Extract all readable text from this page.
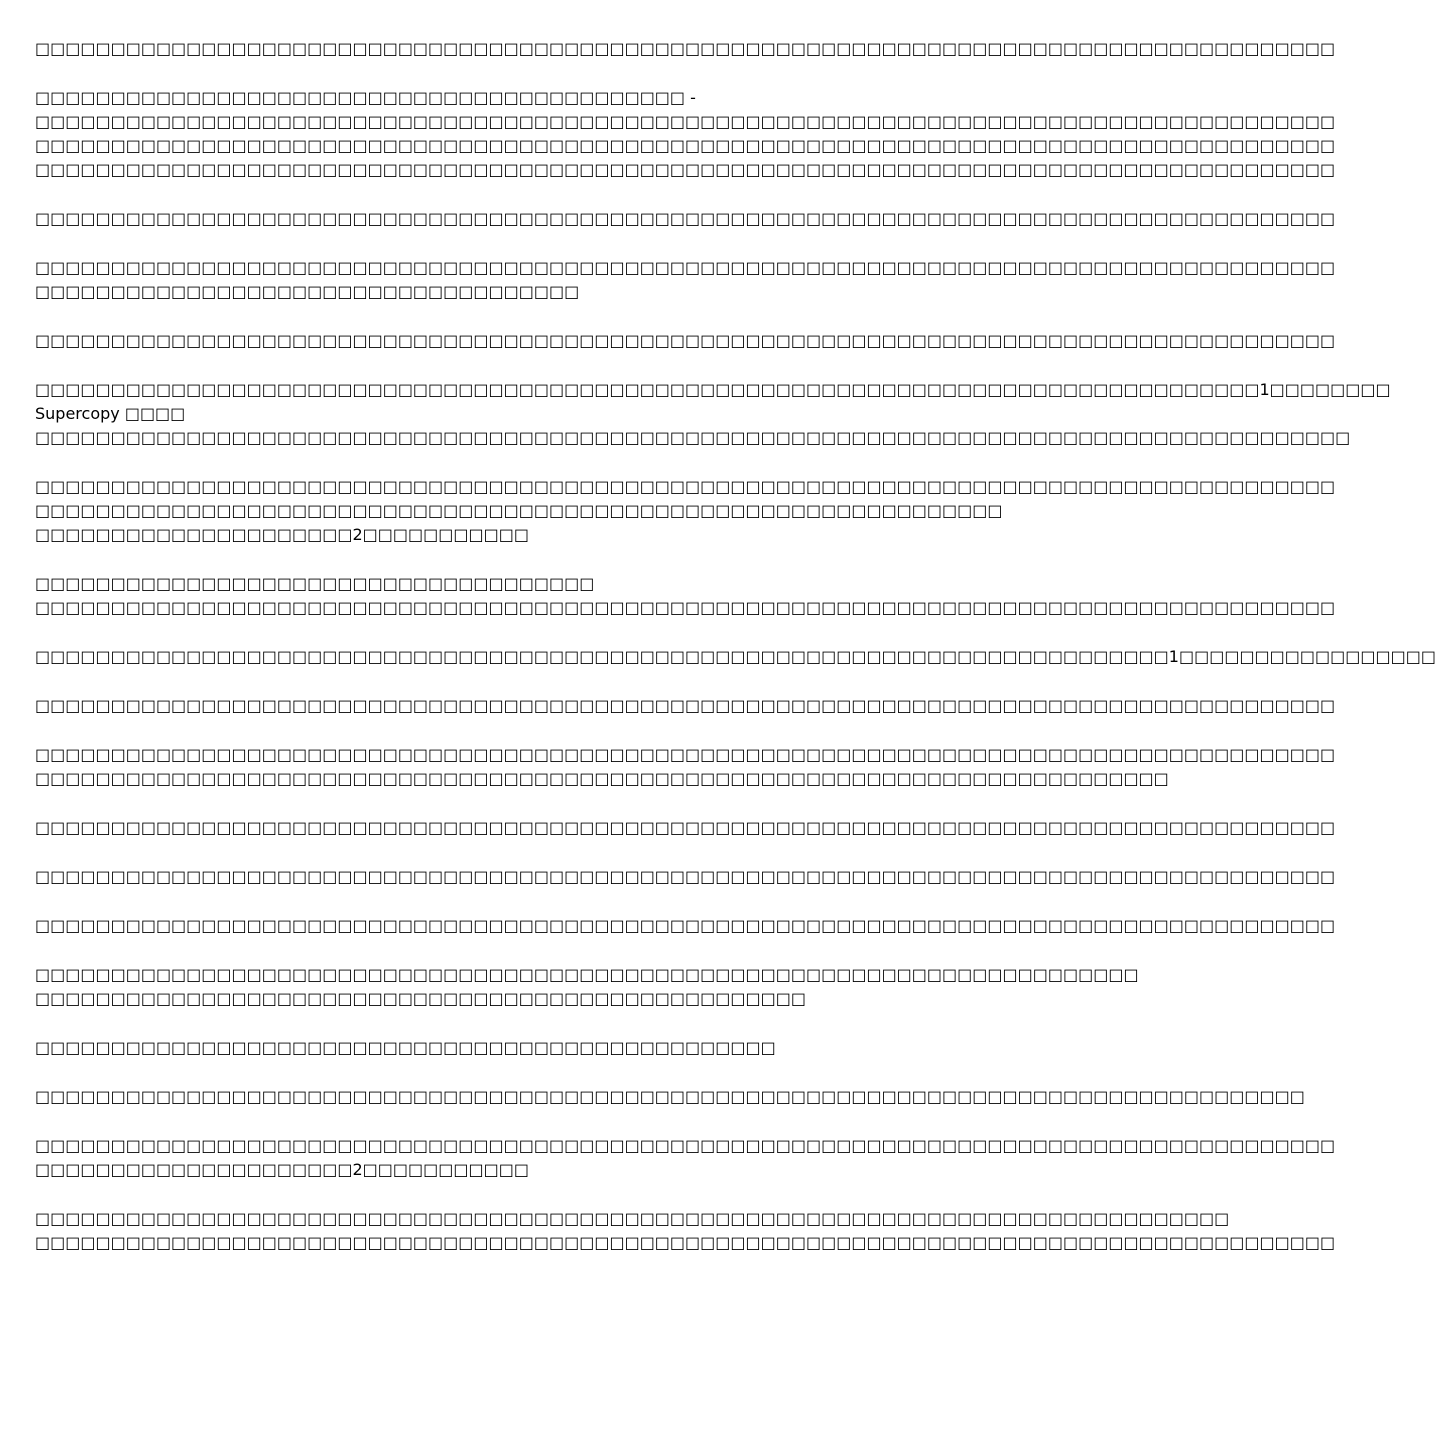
□□□□□□□□□□□□□□□□□□□□□□□□□□□□□□□□□□□□□□□□□□□□□□□□□□□□□□□□□□□□□□□□□□□□□□□□□□□□□□□□□□□□□□
□□□□□□□□□□□□□□□□□□□□□□□□□□□□□□□□□□□□□□□□□□□ -
□□□□□□□□□□□□□□□□□□□□□□□□□□□□□□□□□□□□□□□□□□□□□□□□□□□□□□□□□□□□□□□□□□□□□□□□□□□□□□□□□□□□□□
□□□□□□□□□□□□□□□□□□□□□□□□□□□□□□□□□□□□□□□□□□□□□□□□□□□□□□□□□□□□□□□□□□□□□□□□□□□□□□□□□□□□□□
□□□□□□□□□□□□□□□□□□□□□□□□□□□□□□□□□□□□□□□□□□□□□□□□□□□□□□□□□□□□□□□□□□□□□□□□□□□□□□□□□□□□□□
□□□□□□□□□□□□□□□□□□□□□□□□□□□□□□□□□□□□□□□□□□□□□□□□□□□□□□□□□□□□□□□□□□□□□□□□□□□□□□□□□□□□□□
□□□□□□□□□□□□□□□□□□□□□□□□□□□□□□□□□□□□□□□□□□□□□□□□□□□□□□□□□□□□□□□□□□□□□□□□□□□□□□□□□□□□□□
□□□□□□□□□□□□□□□□□□□□□□□□□□□□□□□□□□□□
□□□□□□□□□□□□□□□□□□□□□□□□□□□□□□□□□□□□□□□□□□□□□□□□□□□□□□□□□□□□□□□□□□□□□□□□□□□□□□□□□□□□□□
□□□□□□□□□□□□□□□□□□□□□□□□□□□□□□□□□□□□□□□□□□□□□□□□□□□□□□□□□□□□□□□□□□□□□□□□□□□□□□□□□1□□□□□□□□
Supercopy □□□□
□□□□□□□□□□□□□□□□□□□□□□□□□□□□□□□□□□□□□□□□□□□□□□□□□□□□□□□□□□□□□□□□□□□□□□□□□□□□□□□□□□□□□□□
□□□□□□□□□□□□□□□□□□□□□□□□□□□□□□□□□□□□□□□□□□□□□□□□□□□□□□□□□□□□□□□□□□□□□□□□□□□□□□□□□□□□□□
□□□□□□□□□□□□□□□□□□□□□□□□□□□□□□□□□□□□□□□□□□□□□□□□□□□□□□□□□□□□□□□□
□□□□□□□□□□□□□□□□□□□□□2□□□□□□□□□□□
□□□□□□□□□□□□□□□□□□□□□□□□□□□□□□□□□□□□□
□□□□□□□□□□□□□□□□□□□□□□□□□□□□□□□□□□□□□□□□□□□□□□□□□□□□□□□□□□□□□□□□□□□□□□□□□□□□□□□□□□□□□□
□□□□□□□□□□□□□□□□□□□□□□□□□□□□□□□□□□□□□□□□□□□□□□□□□□□□□□□□□□□□□□□□□□□□□□□□□□□1□□□□□□□□□□□□□□□□□
□□□□□□□□□□□□□□□□□□□□□□□□□□□□□□□□□□□□□□□□□□□□□□□□□□□□□□□□□□□□□□□□□□□□□□□□□□□□□□□□□□□□□□
□□□□□□□□□□□□□□□□□□□□□□□□□□□□□□□□□□□□□□□□□□□□□□□□□□□□□□□□□□□□□□□□□□□□□□□□□□□□□□□□□□□□□□
□□□□□□□□□□□□□□□□□□□□□□□□□□□□□□□□□□□□□□□□□□□□□□□□□□□□□□□□□□□□□□□□□□□□□□□□□□□
□□□□□□□□□□□□□□□□□□□□□□□□□□□□□□□□□□□□□□□□□□□□□□□□□□□□□□□□□□□□□□□□□□□□□□□□□□□□□□□□□□□□□□
□□□□□□□□□□□□□□□□□□□□□□□□□□□□□□□□□□□□□□□□□□□□□□□□□□□□□□□□□□□□□□□□□□□□□□□□□□□□□□□□□□□□□□
□□□□□□□□□□□□□□□□□□□□□□□□□□□□□□□□□□□□□□□□□□□□□□□□□□□□□□□□□□□□□□□□□□□□□□□□□□□□□□□□□□□□□□
□□□□□□□□□□□□□□□□□□□□□□□□□□□□□□□□□□□□□□□□□□□□□□□□□□□□□□□□□□□□□□□□□□□□□□□□□
□□□□□□□□□□□□□□□□□□□□□□□□□□□□□□□□□□□□□□□□□□□□□□□□□□□
□□□□□□□□□□□□□□□□□□□□□□□□□□□□□□□□□□□□□□□□□□□□□□□□□
□□□□□□□□□□□□□□□□□□□□□□□□□□□□□□□□□□□□□□□□□□□□□□□□□□□□□□□□□□□□□□□□□□□□□□□□□□□□□□□□□□□□
□□□□□□□□□□□□□□□□□□□□□□□□□□□□□□□□□□□□□□□□□□□□□□□□□□□□□□□□□□□□□□□□□□□□□□□□□□□□□□□□□□□□□□
□□□□□□□□□□□□□□□□□□□□□2□□□□□□□□□□□
□□□□□□□□□□□□□□□□□□□□□□□□□□□□□□□□□□□□□□□□□□□□□□□□□□□□□□□□□□□□□□□□□□□□□□□□□□□□□□□
□□□□□□□□□□□□□□□□□□□□□□□□□□□□□□□□□□□□□□□□□□□□□□□□□□□□□□□□□□□□□□□□□□□□□□□□□□□□□□□□□□□□□□
